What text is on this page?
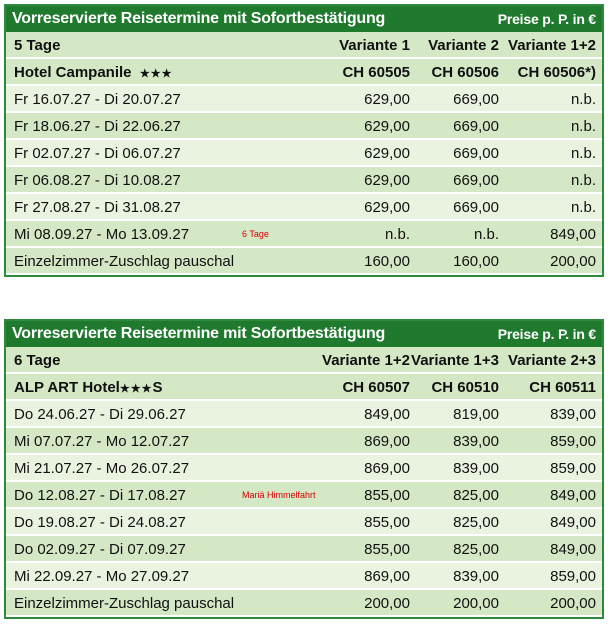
Vorreservierte Reisetermine mit Sofortbestätigung	Preise p. P. in €
5 Tage	Variante 1	Variante 2 Variante 1+2
Hotel Campanile ★★★	CH 60505	CH 60506	CH 60506*)
Fr 16.07.27 - Di 20.07.27	629,00	669,00	n.b.
Fr 18.06.27 - Di 22.06.27	629,00	669,00	n.b.
Fr 02.07.27 - Di 06.07.27	629,00	669,00	n.b.
Fr 06.08.27 - Di 10.08.27	629,00	669,00	n.b.
Fr 27.08.27 - Di 31.08.27	629,00	669,00	n.b.
Mi 08.09.27 - Mo 13.09.27	6 Tage	n.b.	n.b.	849,00
Einzelzimmer-Zuschlag pauschal	160,00	160,00	200,00
Vorreservierte Reisetermine mit Sofortbestätigung	Preise p. P. in €
6 Tage	Variante 1+2 Variante 1+3 Variante 2+3
ALP ART Hotel★★★S	CH 60507	CH 60510	CH 60511
Do 24.06.27 - Di 29.06.27	849,00	819,00	839,00
Mi 07.07.27 - Mo 12.07.27	869,00	839,00	859,00
Mi 21.07.27 - Mo 26.07.27	869,00	839,00	859,00
Do 12.08.27 - Di 17.08.27	Mariä Himmelfahrt	855,00	825,00	849,00
Do 19.08.27 - Di 24.08.27	855,00	825,00	849,00
Do 02.09.27 - Di 07.09.27	855,00	825,00	849,00
Mi 22.09.27 - Mo 27.09.27	869,00	839,00	859,00
Einzelzimmer-Zuschlag pauschal	200,00	200,00	200,00
